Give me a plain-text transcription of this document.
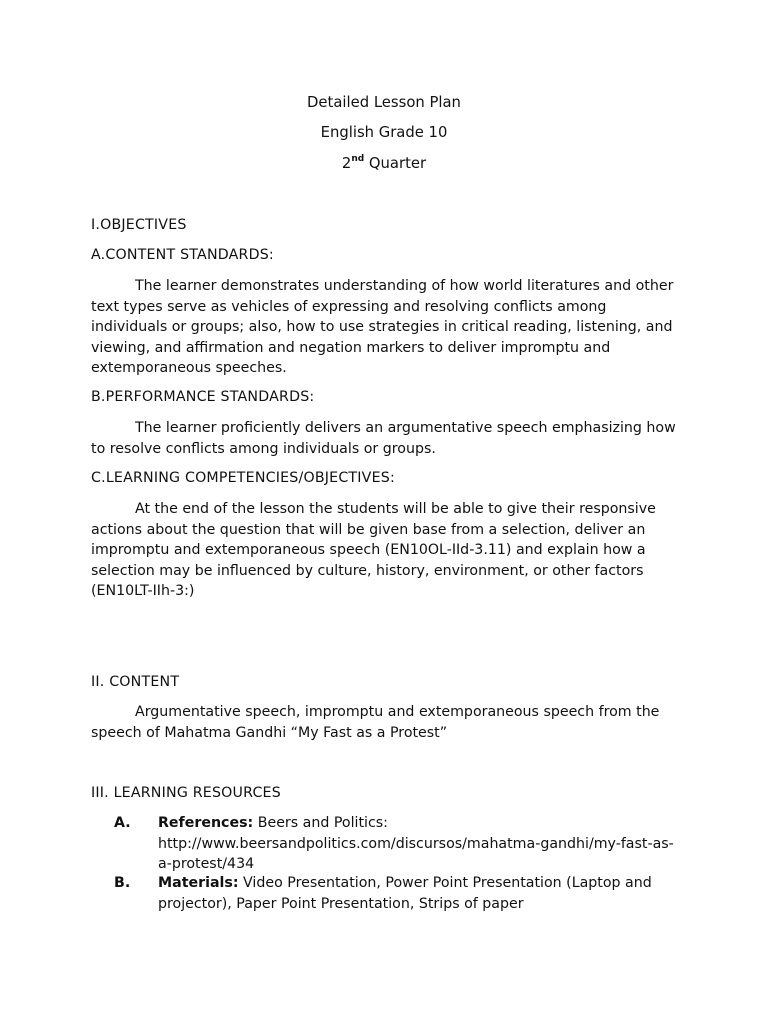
Detailed Lesson Plan
English Grade 10
2nd Quarter
I.OBJECTIVES
A.CONTENT STANDARDS:
The learner demonstrates understanding of how world literatures and other text types serve as vehicles of expressing and resolving conflicts among individuals or groups; also, how to use strategies in critical reading, listening, and viewing, and affirmation and negation markers to deliver impromptu and extemporaneous speeches.
B.PERFORMANCE STANDARDS:
The learner proficiently delivers an argumentative speech emphasizing how to resolve conflicts among individuals or groups.
C.LEARNING COMPETENCIES/OBJECTIVES:
At the end of the lesson the students will be able to give their responsive actions about the question that will be given base from a selection, deliver an impromptu and extemporaneous speech (EN10OL-IId-3.11) and explain how a selection may be influenced by culture, history, environment, or other factors (EN10LT-IIh-3:)
II. CONTENT
Argumentative speech, impromptu and extemporaneous speech from the speech of Mahatma Gandhi “My Fast as a Protest”
III. LEARNING RESOURCES
A. References: Beers and Politics: http://www.beersandpolitics.com/discursos/mahatma-gandhi/my-fast-as-a-protest/434
B. Materials: Video Presentation, Power Point Presentation (Laptop and projector), Paper Point Presentation, Strips of paper
